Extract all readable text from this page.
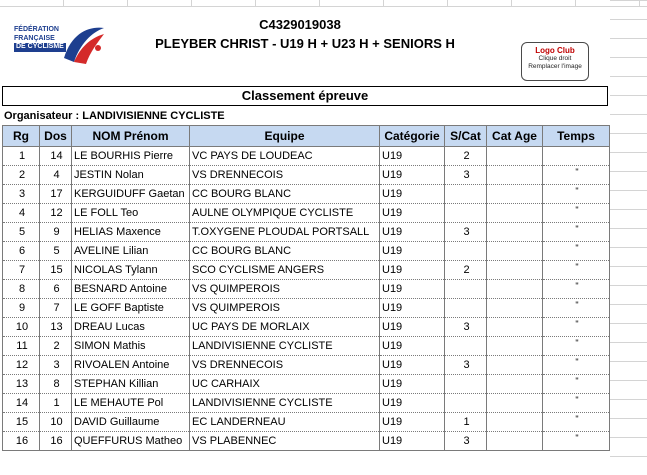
FÉDÉRATION
FRANÇAISE
DE CYCLISME
C4329019038
PLEYBER CHRIST - U19 H + U23 H + SENIORS H	Logo Club
Clique droit
Remplacer l'image
Classement épreuve
Organisateur : LANDIVISIENNE CYCLISTE
Rg	Dos	NOM Prénom	Equipe	Catégorie	S/Cat	Cat Age	Temps
1	14	LE BOURHIS Pierre	VC PAYS DE LOUDEAC	U19	2		
2	4	JESTIN Nolan	VS DRENNECOIS	U19	3		"
3	17	KERGUIDUFF Gaetan	CC BOURG BLANC	U19			"
4	12	LE FOLL Teo	AULNE OLYMPIQUE CYCLISTE	U19			"
5	9	HELIAS Maxence	T.OXYGENE PLOUDAL PORTSALL	U19	3		"
6	5	AVELINE Lilian	CC BOURG BLANC	U19			"
7	15	NICOLAS Tylann	SCO CYCLISME ANGERS	U19	2		"
8	6	BESNARD Antoine	VS QUIMPEROIS	U19			"
9	7	LE GOFF Baptiste	VS QUIMPEROIS	U19			"
10	13	DREAU Lucas	UC PAYS DE MORLAIX	U19	3		"
11	2	SIMON Mathis	LANDIVISIENNE CYCLISTE	U19			"
12	3	RIVOALEN Antoine	VS DRENNECOIS	U19	3		"
13	8	STEPHAN Killian	UC CARHAIX	U19			"
14	1	LE MEHAUTE Pol	LANDIVISIENNE CYCLISTE	U19			"
15	10	DAVID Guillaume	EC LANDERNEAU	U19	1		"
16	16	QUEFFURUS Matheo	VS PLABENNEC	U19	3		"
